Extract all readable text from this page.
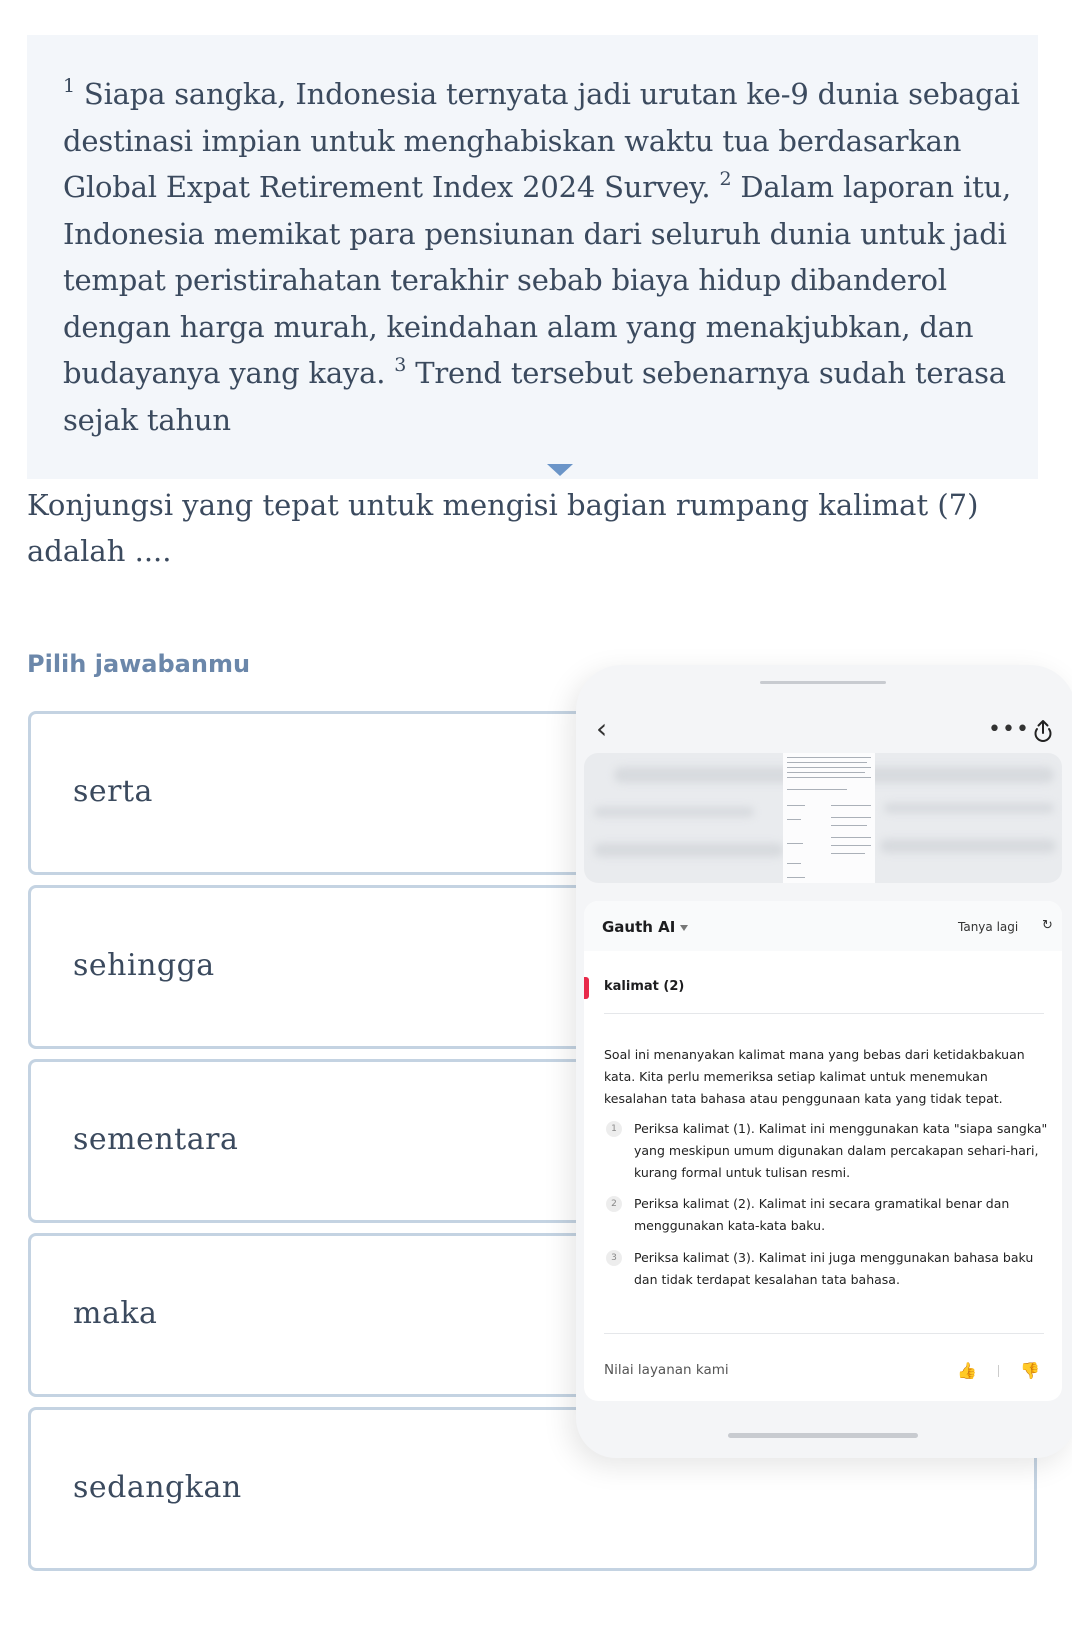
$^1$ Siapa sangka, Indonesia ternyata jadi urutan ke-9 dunia sebagai destinasi impian untuk menghabiskan waktu tua berdasarkan Global Expat Retirement Index 2024 Survey. $^2$ Dalam laporan itu, Indonesia memikat para pensiunan dari seluruh dunia untuk jadi tempat peristirahatan terakhir sebab biaya hidup dibanderol dengan harga murah, keindahan alam yang menakjubkan, dan budayanya yang kaya. $^3$ Trend tersebut sebenarnya sudah terasa sejak tahun

Konjungsi yang tepat untuk mengisi bagian rumpang kalimat (7) adalah ....

Pilih jawabanmu
serta
sehingga
sementara
maka
sedangkan
‹	•••
Gauth AI	Tanya lagi ↻
kalimat (2)

Soal ini menanyakan kalimat mana yang bebas dari ketidakbakuan kata. Kita perlu memeriksa setiap kalimat untuk menemukan kesalahan tata bahasa atau penggunaan kata yang tidak tepat.

1	Periksa kalimat (1). Kalimat ini menggunakan kata "siapa sangka" yang meskipun umum digunakan dalam percakapan sehari-hari, kurang formal untuk tulisan resmi.

2	Periksa kalimat (2). Kalimat ini secara gramatikal benar dan menggunakan kata-kata baku.

3	Periksa kalimat (3). Kalimat ini juga menggunakan bahasa baku dan tidak terdapat kesalahan tata bahasa.

Nilai layanan kami	👍	👎
